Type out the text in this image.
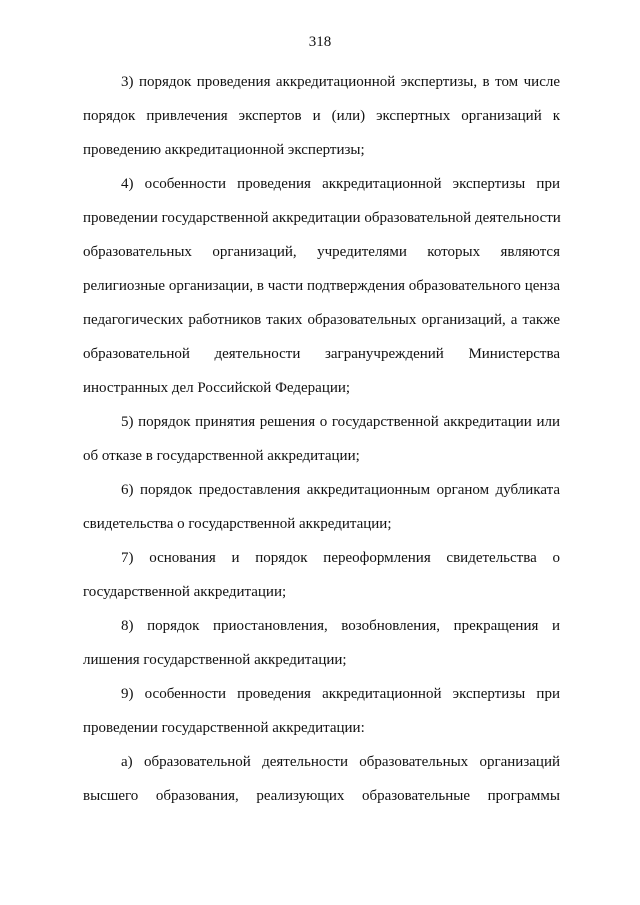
318
3) порядок проведения аккредитационной экспертизы, в том числе
порядок привлечения экспертов и (или) экспертных организаций к
проведению аккредитационной экспертизы;
4) особенности проведения аккредитационной экспертизы при
проведении государственной аккредитации образовательной деятельности
образовательных организаций, учредителями которых являются
религиозные организации, в части подтверждения образовательного ценза
педагогических работников таких образовательных организаций, а также
образовательной деятельности загранучреждений Министерства
иностранных дел Российской Федерации;
5) порядок принятия решения о государственной аккредитации или
об отказе в государственной аккредитации;
6) порядок предоставления аккредитационным органом дубликата
свидетельства о государственной аккредитации;
7) основания и порядок переоформления свидетельства о
государственной аккредитации;
8) порядок приостановления, возобновления, прекращения и
лишения государственной аккредитации;
9) особенности проведения аккредитационной экспертизы при
проведении государственной аккредитации:
а) образовательной деятельности образовательных организаций
высшего образования, реализующих образовательные программы
